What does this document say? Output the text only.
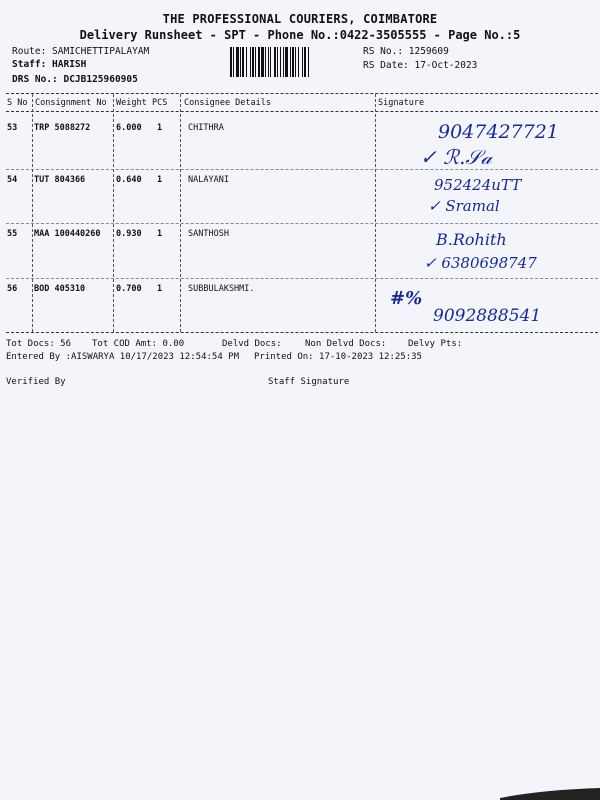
THE PROFESSIONAL COURIERS, COIMBATORE
Delivery Runsheet - SPT - Phone No.:0422-3505555 - Page No.:5
Route: SAMICHETTIPALAYAM
Staff: HARISH
DRS No.: DCJB125960905
RS No.: 1259609
RS Date: 17-Oct-2023
S No Consignment No Weight PCS Consignee Details	Signature
53 TRP 5088272	6.000 1	CHITHRA	9047427721
✓ ℛ.𝒮𝒶
54 TUT 804366	0.640 1	NALAYANI	952424uTT
✓ Sramal
55 MAA 100440260 0.930 1	SANTHOSH	B.Rohith
✓ 6380698747
56 BOD 405310	0.700 1	SUBBULAKSHMI.	#%
9092888541
Tot Docs: 56 Tot COD Amt: 0.00	Delvd Docs:	Non Delvd Docs: Delvy Pts:
Entered By :AISWARYA 10/17/2023 12:54:54 PM Printed On: 17-10-2023 12:25:35
Verified By	Staff Signature
